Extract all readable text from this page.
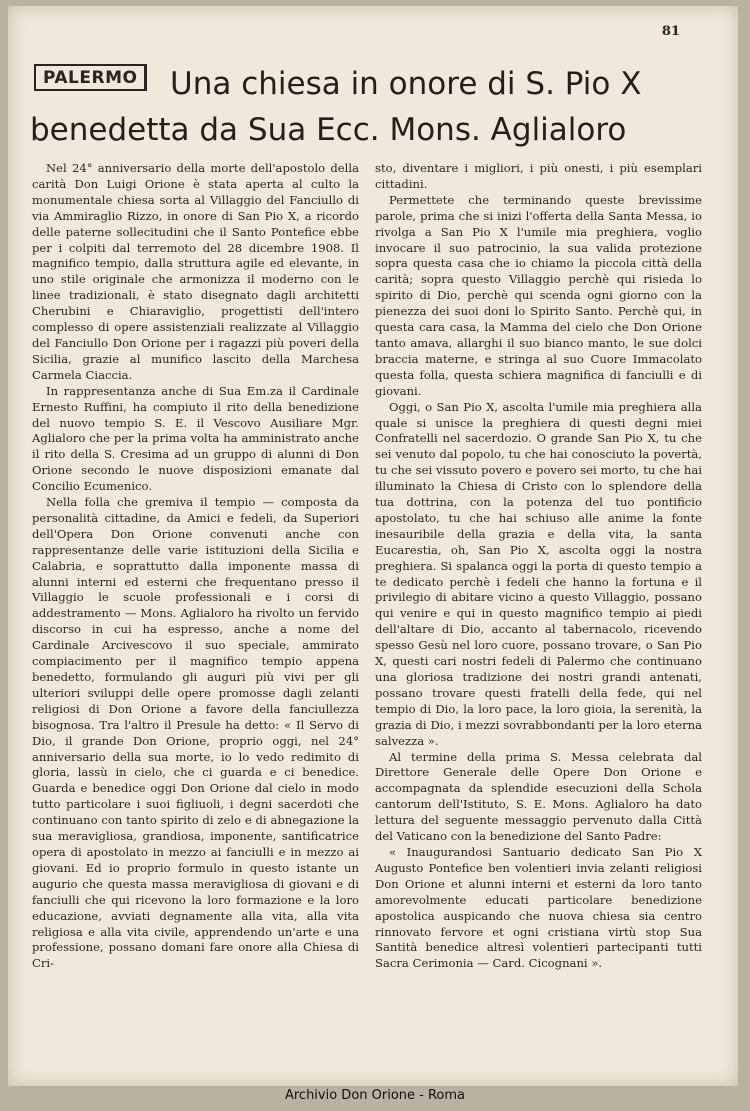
81
Una chiesa in onore di S. Pio X
benedetta da Sua Ecc. Mons. Aglialoro
PALERMO

Nel 24° anniversario della morte dell'apostolo della carità Don Luigi Orione è stata aperta al culto la monumentale chiesa sorta al Villaggio del Fanciullo di via Ammiraglio Rizzo, in onore di San Pio X, a ricordo delle paterne sollecitudini che il Santo Pontefice ebbe per i colpiti dal terremoto del 28 dicembre 1908. Il magnifico tempio, dalla struttura agile ed elevante, in uno stile originale che armonizza il moderno con le linee tradizionali, è stato disegnato dagli architetti Cherubini e Chiaraviglio, progettisti dell'intero complesso di opere assistenziali realizzate al Villaggio del Fanciullo Don Orione per i ragazzi più poveri della Sicilia, grazie al munifico lascito della Marchesa Carmela Ciaccia.

In rappresentanza anche di Sua Em.za il Cardinale Ernesto Ruffini, ha compiuto il rito della benedizione del nuovo tempio S. E. il Vescovo Ausiliare Mgr. Aglialoro che per la prima volta ha amministrato anche il rito della S. Cresima ad un gruppo di alunni di Don Orione secondo le nuove disposizioni emanate dal Concilio Ecumenico.

Nella folla che gremiva il tempio — composta da personalità cittadine, da Amici e fedeli, da Superiori dell'Opera Don Orione convenuti anche con rappresentanze delle varie istituzioni della Sicilia e Calabria, e soprattutto dalla imponente massa di alunni interni ed esterni che frequentano presso il Villaggio le scuole professionali e i corsi di addestramento — Mons. Aglialoro ha rivolto un fervido discorso in cui ha espresso, anche a nome del Cardinale Arcivescovo il suo speciale, ammirato compiacimento per il magnifico tempio appena benedetto, formulando gli auguri più vivi per gli ulteriori sviluppi delle opere promosse dagli zelanti religiosi di Don Orione a favore della fanciullezza bisognosa. Tra l'altro il Presule ha detto: « Il Servo di Dio, il grande Don Orione, proprio oggi, nel 24° anniversario della sua morte, io lo vedo redimito di gloria, lassù in cielo, che ci guarda e ci benedice. Guarda e benedice oggi Don Orione dal cielo in modo tutto particolare i suoi figliuoli, i degni sacerdoti che continuano con tanto spirito di zelo e di abnegazione la sua meravigliosa, grandiosa, imponente, santificatrice opera di apostolato in mezzo ai fanciulli e in mezzo ai giovani. Ed io proprio formulo in questo istante un augurio che questa massa meravigliosa di giovani e di fanciulli che qui ricevono la loro formazione e la loro educazione, avviati degnamente alla vita, alla vita religiosa e alla vita civile, apprendendo un'arte e una professione, possano domani fare onore alla Chiesa di Cri-

sto, diventare i migliori, i più onesti, i più esemplari cittadini.

Permettete che terminando queste brevissime parole, prima che si inizi l'offerta della Santa Messa, io rivolga a San Pio X l'umile mia preghiera, voglio invocare il suo patrocinio, la sua valida protezione sopra questa casa che io chiamo la piccola città della carità; sopra questo Villaggio perchè qui risieda lo spirito di Dio, perchè qui scenda ogni giorno con la pienezza dei suoi doni lo Spirito Santo. Perchè qui, in questa cara casa, la Mamma del cielo che Don Orione tanto amava, allarghi il suo bianco manto, le sue dolci braccia materne, e stringa al suo Cuore Immacolato questa folla, questa schiera magnifica di fanciulli e di giovani.

Oggi, o San Pio X, ascolta l'umile mia preghiera alla quale si unisce la preghiera di questi degni miei Confratelli nel sacerdozio. O grande San Pio X, tu che sei venuto dal popolo, tu che hai conosciuto la povertà, tu che sei vissuto povero e povero sei morto, tu che hai illuminato la Chiesa di Cristo con lo splendore della tua dottrina, con la potenza del tuo pontificio apostolato, tu che hai schiuso alle anime la fonte inesauribile della grazia e della vita, la santa Eucarestia, oh, San Pio X, ascolta oggi la nostra preghiera. Si spalanca oggi la porta di questo tempio a te dedicato perchè i fedeli che hanno la fortuna e il privilegio di abitare vicino a questo Villaggio, possano qui venire e qui in questo magnifico tempio ai piedi dell'altare di Dio, accanto al tabernacolo, ricevendo spesso Gesù nel loro cuore, possano trovare, o San Pio X, questi cari nostri fedeli di Palermo che continuano una gloriosa tradizione dei nostri grandi antenati, possano trovare questi fratelli della fede, qui nel tempio di Dio, la loro pace, la loro gioia, la serenità, la grazia di Dio, i mezzi sovrabbondanti per la loro eterna salvezza ».

Al termine della prima S. Messa celebrata dal Direttore Generale delle Opere Don Orione e accompagnata da splendide esecuzioni della Schola cantorum dell'Istituto, S. E. Mons. Aglialoro ha dato lettura del seguente messaggio pervenuto dalla Città del Vaticano con la benedizione del Santo Padre:

« Inaugurandosi Santuario dedicato San Pio X Augusto Pontefice ben volentieri invia zelanti religiosi Don Orione et alunni interni et esterni da loro tanto amorevolmente educati particolare benedizione apostolica auspicando che nuova chiesa sia centro rinnovato fervore et ogni cristiana virtù stop Sua Santità benedice altresì volentieri partecipanti tutti Sacra Cerimonia — Card. Cicognani ».

Archivio Don Orione - Roma
